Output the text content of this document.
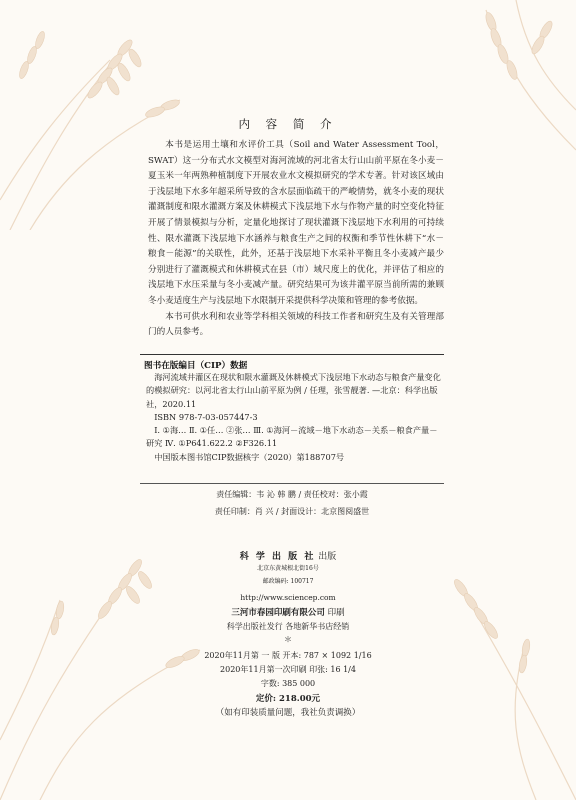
内 容 简 介

本书是运用土壤和水评价工具（Soil and Water Assessment Tool，SWAT）这一分布式水文模型对海河流域的河北省太行山山前平原在冬小麦－夏玉米一年两熟种植制度下开展农业水文模拟研究的学术专著。针对该区域由于浅层地下水多年超采所导致的含水层面临疏干的严峻情势，就冬小麦的现状灌溉制度和限水灌溉方案及休耕模式下浅层地下水与作物产量的时空变化特征开展了情景模拟与分析，定量化地探讨了现状灌溉下浅层地下水利用的可持续性、限水灌溉下浅层地下水涵养与粮食生产之间的权衡和季节性休耕下“水－粮食－能源”的关联性，此外，还基于浅层地下水采补平衡且冬小麦减产最少分别进行了灌溉模式和休耕模式在县（市）域尺度上的优化，并评估了相应的浅层地下水压采量与冬小麦减产量。研究结果可为该井灌平原当前所需的兼顾冬小麦适度生产与浅层地下水限制开采提供科学决策和管理的参考依据。

本书可供水利和农业等学科相关领域的科技工作者和研究生及有关管理部门的人员参考。

图书在版编目（CIP）数据

海河流域井灌区在现状和限水灌溉及休耕模式下浅层地下水动态与粮食产量变化的模拟研究：以河北省太行山山前平原为例 / 任理，张雪靓著. —北京：科学出版社，2020.11

ISBN 978-7-03-057447-3

Ⅰ. ①海… Ⅱ. ①任… ②张… Ⅲ. ①海河－流域－地下水动态－关系－粮食产量－研究 Ⅳ. ①P641.622.2 ②F326.11

中国版本图书馆CIP数据核字（2020）第188707号

责任编辑：韦 沁 韩 鹏 / 责任校对：张小霞
责任印制：肖 兴 / 封面设计：北京图阅盛世
科 学 出 版 社 出版
北京东黄城根北街16号
邮政编码: 100717
http://www.sciencep.com
三河市春园印刷有限公司 印刷
科学出版社发行 各地新华书店经销
＊
2020年11月第 一 版 开本: 787 × 1092 1/16
2020年11月第一次印刷 印张: 16 1/4
字数: 385 000
定价: 218.00元
（如有印装质量问题，我社负责调换）
